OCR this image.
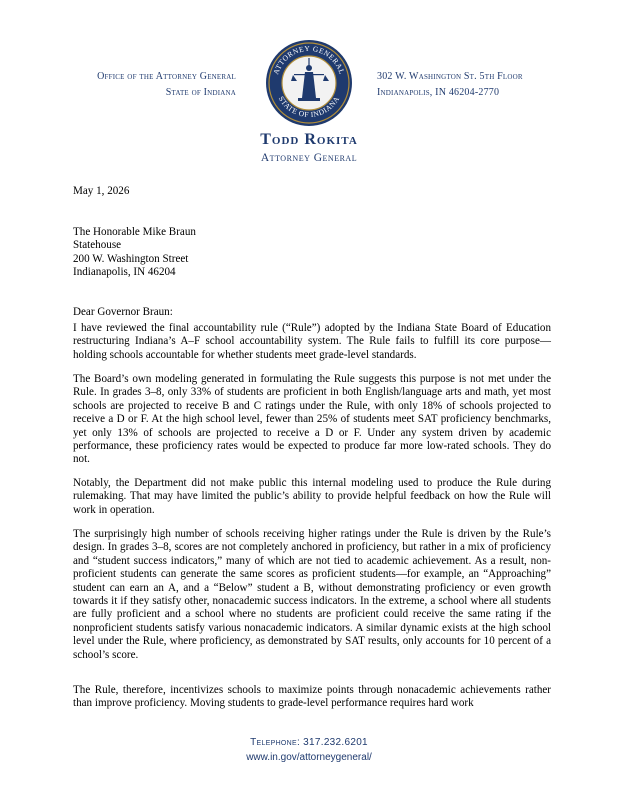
Office of the Attorney General
State of Indiana
ATTORNEY GENERAL
STATE OF INDIANA
302 W. Washington St. 5th Floor
Indianapolis, IN 46204-2770
Todd Rokita
Attorney General
May 1, 2026
The Honorable Mike Braun
Statehouse
200 W. Washington Street
Indianapolis, IN 46204
Dear Governor Braun:

I have reviewed the final accountability rule (“Rule”) adopted by the Indiana State Board of Education restructuring Indiana’s A–F school accountability system. The Rule fails to fulfill its core purpose—holding schools accountable for whether students meet grade-level standards.

The Board’s own modeling generated in formulating the Rule suggests this purpose is not met under the Rule. In grades 3–8, only 33% of students are proficient in both English/language arts and math, yet most schools are projected to receive B and C ratings under the Rule, with only 18% of schools projected to receive a D or F. At the high school level, fewer than 25% of students meet SAT proficiency benchmarks, yet only 13% of schools are projected to receive a D or F. Under any system driven by academic performance, these proficiency rates would be expected to produce far more low-rated schools. They do not.

Notably, the Department did not make public this internal modeling used to produce the Rule during rulemaking. That may have limited the public’s ability to provide helpful feedback on how the Rule will work in operation.

The surprisingly high number of schools receiving higher ratings under the Rule is driven by the Rule’s design. In grades 3–8, scores are not completely anchored in proficiency, but rather in a mix of proficiency and “student success indicators,” many of which are not tied to academic achievement. As a result, non-proficient students can generate the same scores as proficient students—for example, an “Approaching” student can earn an A, and a “Below” student a B, without demonstrating proficiency or even growth towards it if they satisfy other, nonacademic success indicators. In the extreme, a school where all students are fully proficient and a school where no students are proficient could receive the same rating if the nonproficient students satisfy various nonacademic indicators. A similar dynamic exists at the high school level under the Rule, where proficiency, as demonstrated by SAT results, only accounts for 10 percent of a school’s score.

The Rule, therefore, incentivizes schools to maximize points through nonacademic achievements rather than improve proficiency. Moving students to grade-level performance requires hard work

Telephone: 317.232.6201
www.in.gov/attorneygeneral/
